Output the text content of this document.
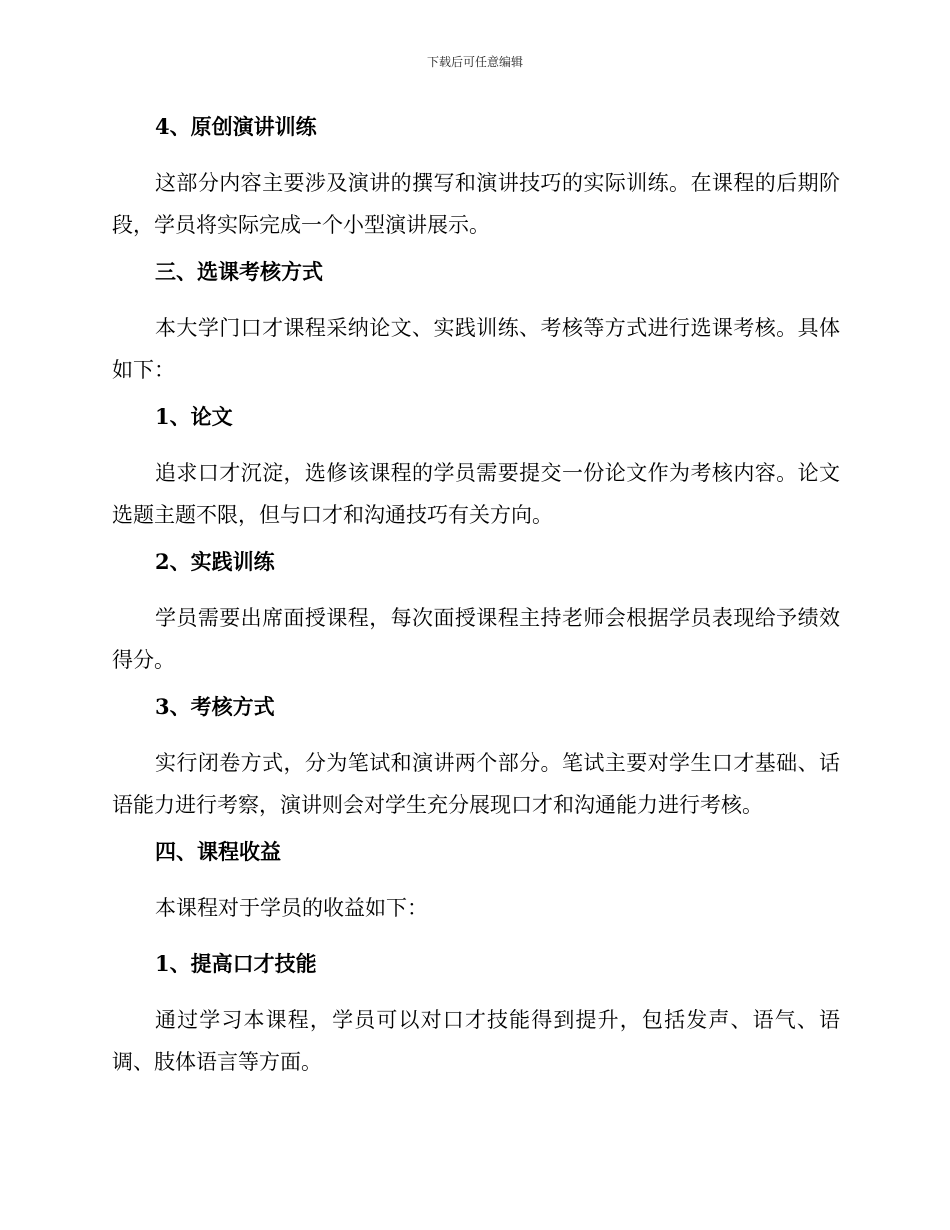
下载后可任意编辑
4、原创演讲训练

这部分内容主要涉及演讲的撰写和演讲技巧的实际训练。在课程的后期阶段，学员将实际完成一个小型演讲展示。

三、选课考核方式

本大学门口才课程采纳论文、实践训练、考核等方式进行选课考核。具体如下：

1、论文

追求口才沉淀，选修该课程的学员需要提交一份论文作为考核内容。论文选题主题不限，但与口才和沟通技巧有关方向。

2、实践训练

学员需要出席面授课程，每次面授课程主持老师会根据学员表现给予绩效得分。

3、考核方式

实行闭卷方式，分为笔试和演讲两个部分。笔试主要对学生口才基础、话语能力进行考察，演讲则会对学生充分展现口才和沟通能力进行考核。

四、课程收益

本课程对于学员的收益如下：

1、提高口才技能

通过学习本课程，学员可以对口才技能得到提升，包括发声、语气、语调、肢体语言等方面。
